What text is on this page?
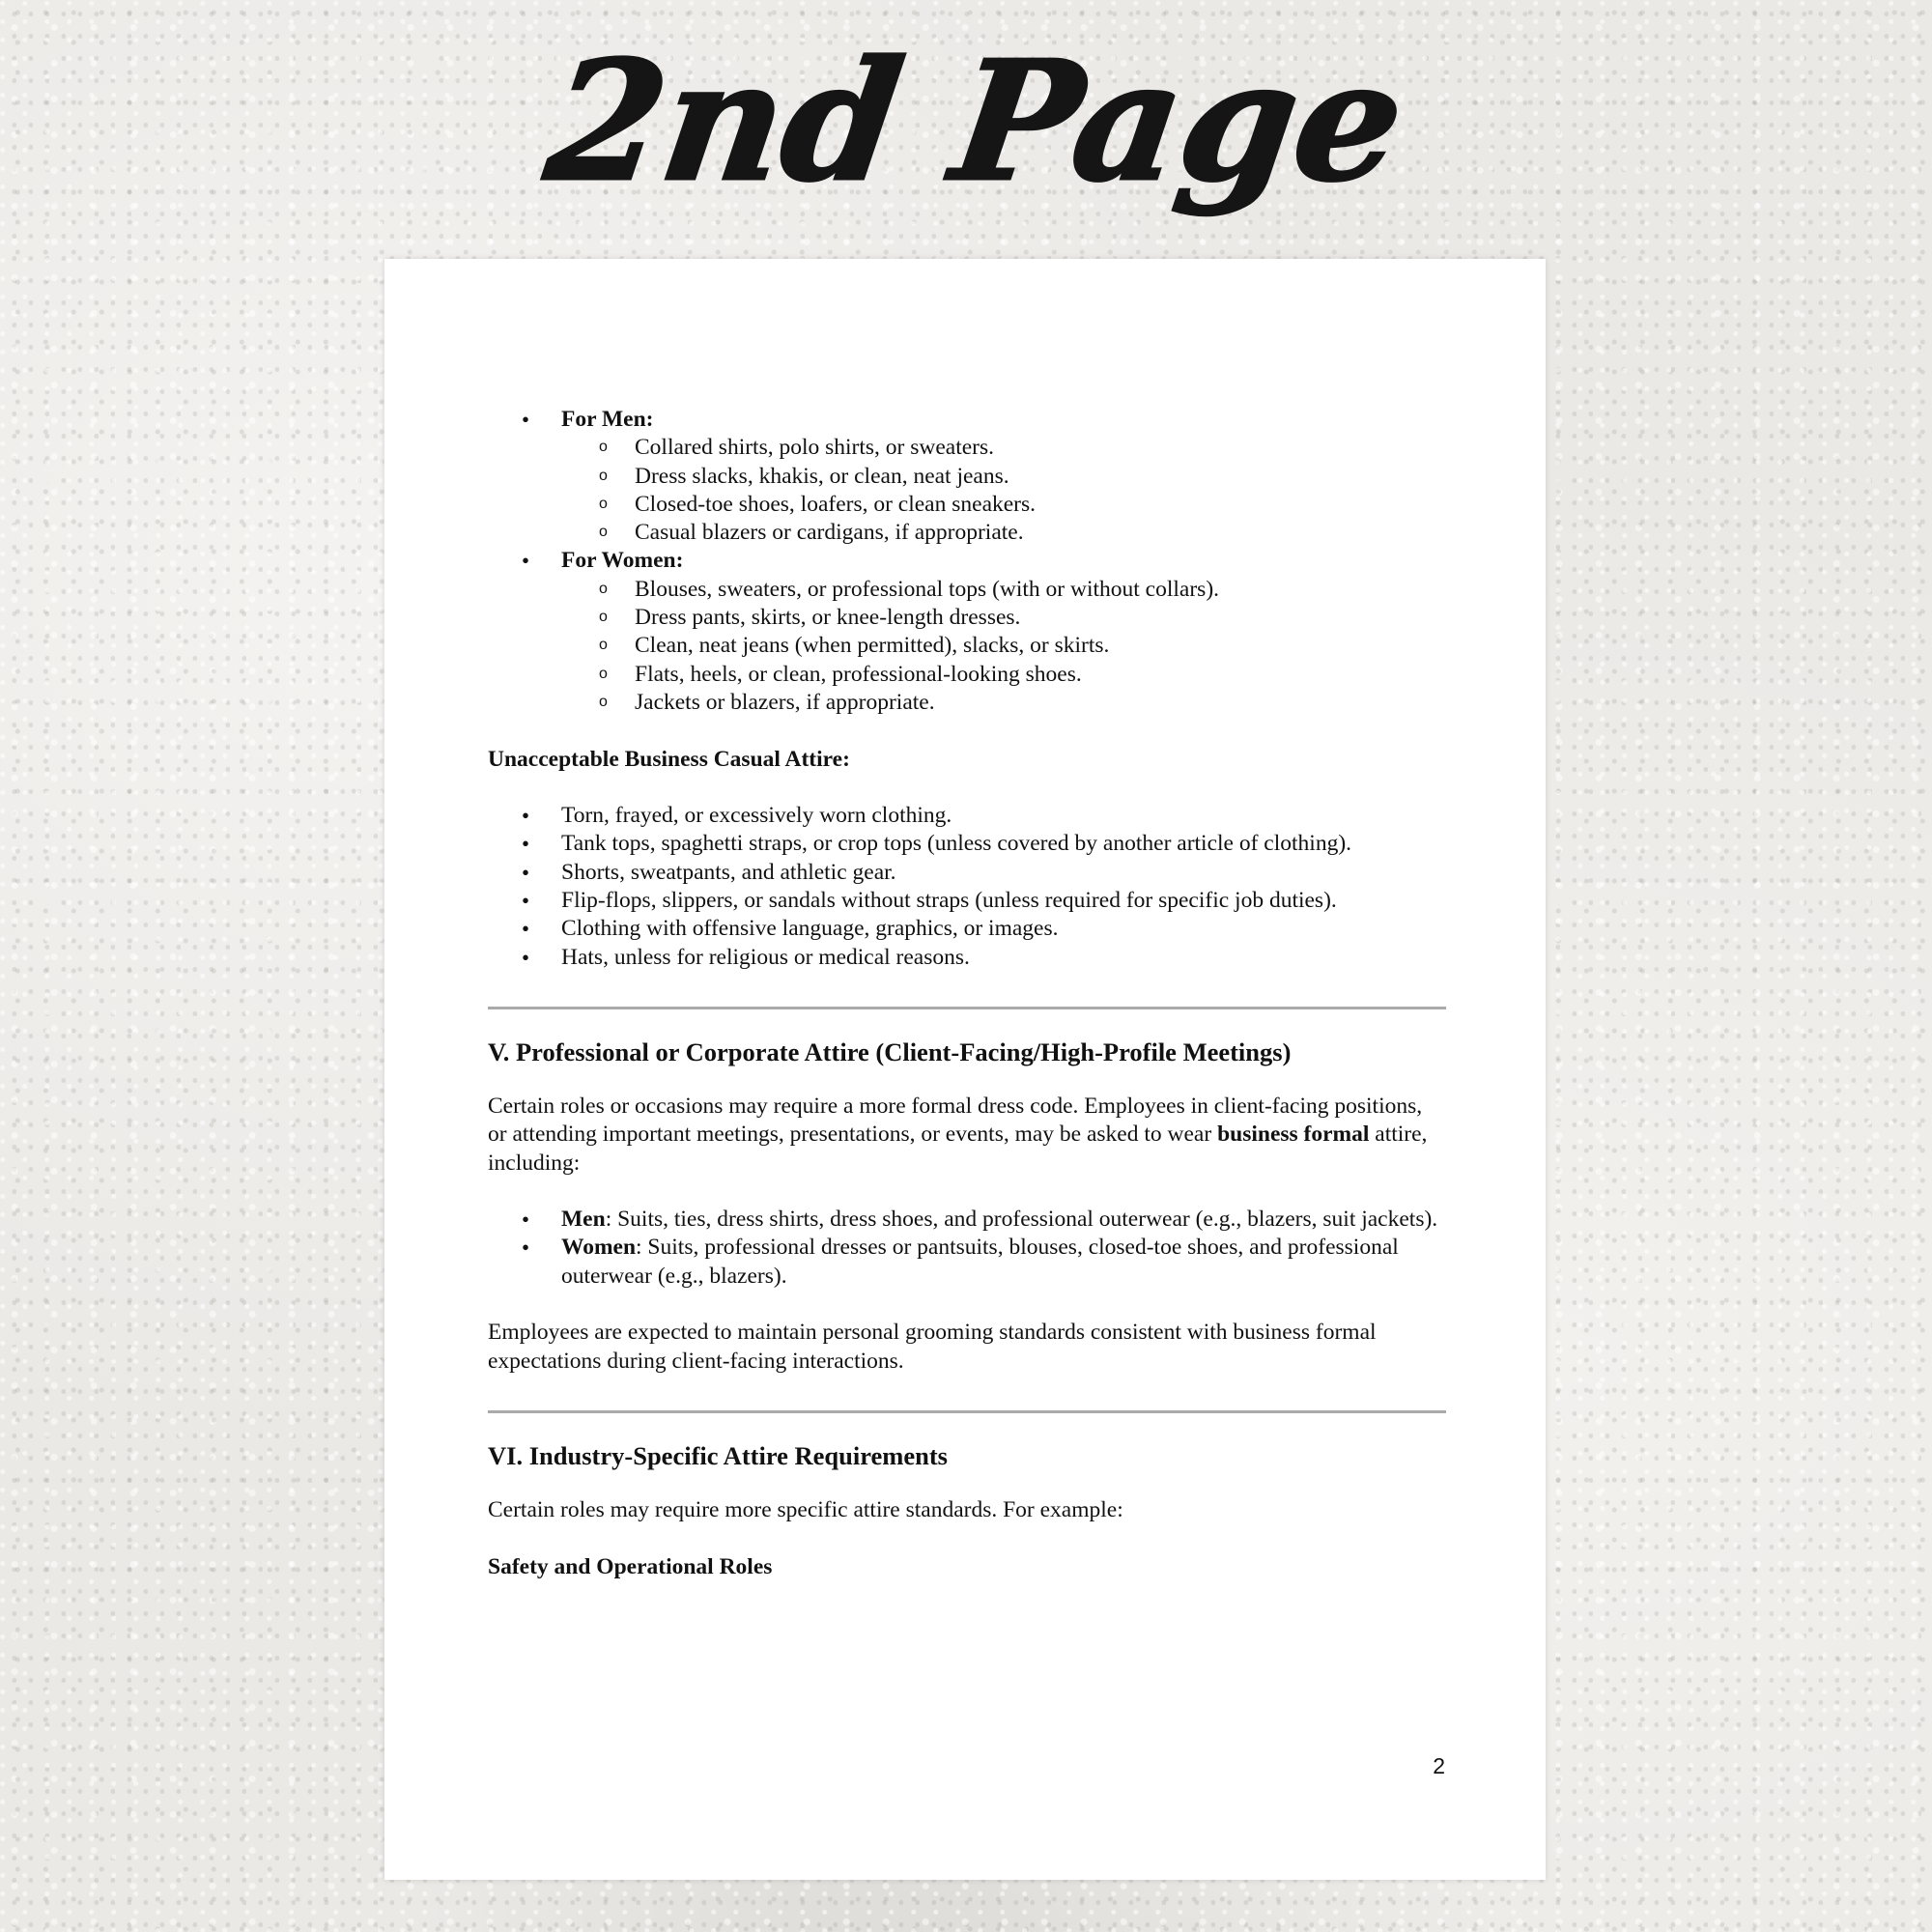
2nd Page
• For Men:
o Collared shirts, polo shirts, or sweaters.
o Dress slacks, khakis, or clean, neat jeans.
o Closed-toe shoes, loafers, or clean sneakers.
o Casual blazers or cardigans, if appropriate.
• For Women:
o Blouses, sweaters, or professional tops (with or without collars).
o Dress pants, skirts, or knee-length dresses.
o Clean, neat jeans (when permitted), slacks, or skirts.
o Flats, heels, or clean, professional-looking shoes.
o Jackets or blazers, if appropriate.
Unacceptable Business Casual Attire:
• Torn, frayed, or excessively worn clothing.
• Tank tops, spaghetti straps, or crop tops (unless covered by another article of clothing).
• Shorts, sweatpants, and athletic gear.
• Flip-flops, slippers, or sandals without straps (unless required for specific job duties).
• Clothing with offensive language, graphics, or images.
• Hats, unless for religious or medical reasons.
V. Professional or Corporate Attire (Client-Facing/High-Profile Meetings)

Certain roles or occasions may require a more formal dress code. Employees in client-facing positions, or attending important meetings, presentations, or events, may be asked to wear business formal attire, including:

• Men: Suits, ties, dress shirts, dress shoes, and professional outerwear (e.g., blazers, suit jackets).
• Women: Suits, professional dresses or pantsuits, blouses, closed-toe shoes, and professional outerwear (e.g., blazers).

Employees are expected to maintain personal grooming standards consistent with business formal expectations during client-facing interactions.

VI. Industry-Specific Attire Requirements

Certain roles may require more specific attire standards. For example:

Safety and Operational Roles
2
